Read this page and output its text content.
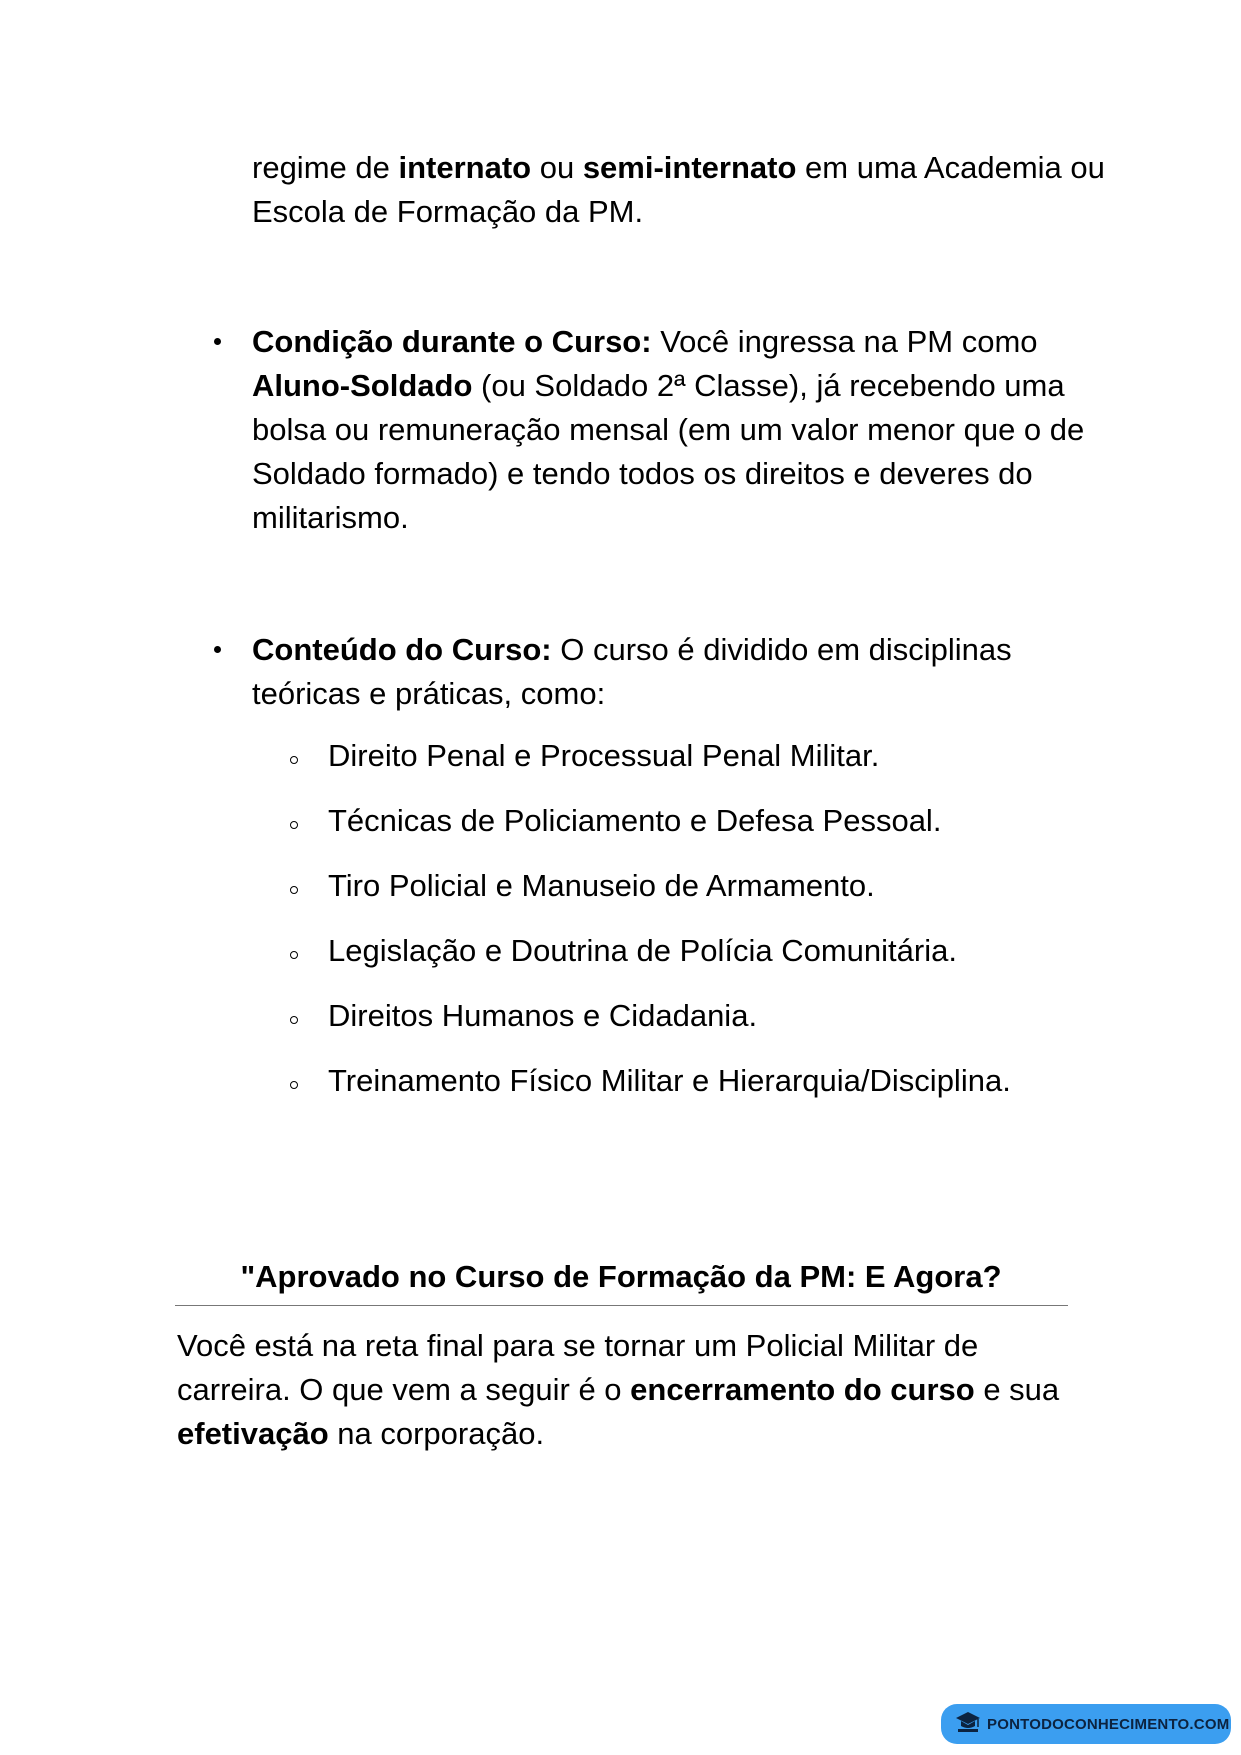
regime de internato ou semi-internato em uma Academia ou Escola de Formação da PM.

Condição durante o Curso: Você ingressa na PM como Aluno-Soldado (ou Soldado 2ª Classe), já recebendo uma bolsa ou remuneração mensal (em um valor menor que o de Soldado formado) e tendo todos os direitos e deveres do militarismo.
Conteúdo do Curso: O curso é dividido em disciplinas teóricas e práticas, como:
Direito Penal e Processual Penal Militar.
Técnicas de Policiamento e Defesa Pessoal.
Tiro Policial e Manuseio de Armamento.
Legislação e Doutrina de Polícia Comunitária.
Direitos Humanos e Cidadania.
Treinamento Físico Militar e Hierarquia/Disciplina.
"Aprovado no Curso de Formação da PM: E Agora?

Você está na reta final para se tornar um Policial Militar de carreira. O que vem a seguir é o encerramento do curso e sua efetivação na corporação.

PONTODOCONHECIMENTO.COM
